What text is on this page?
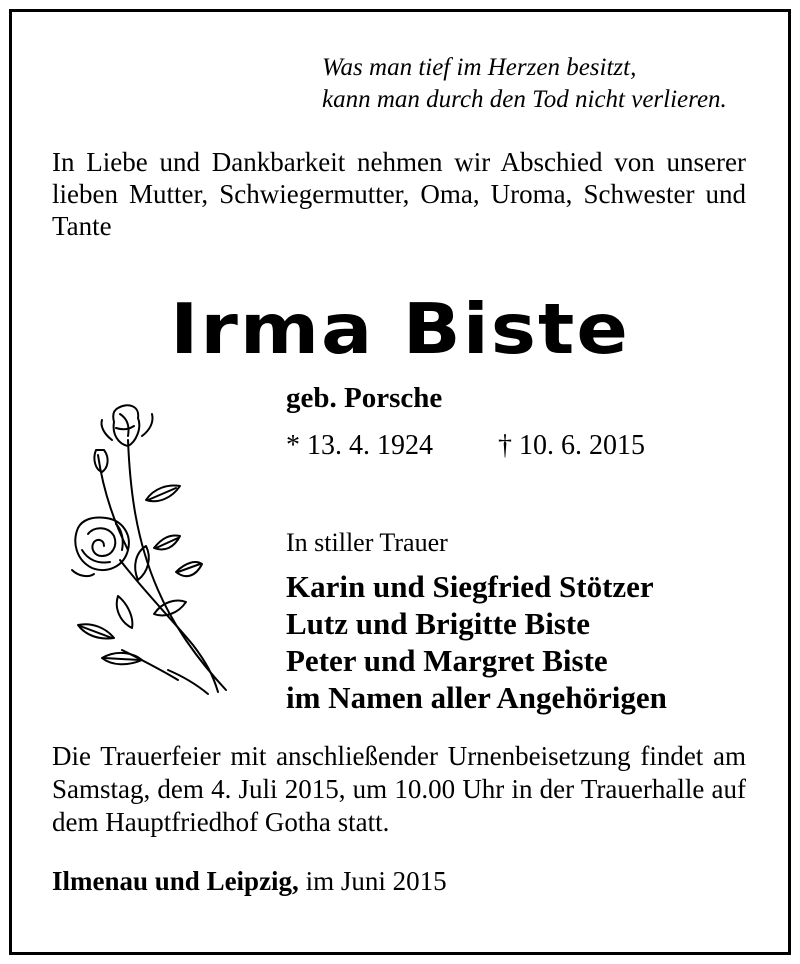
Was man tief im Herzen besitzt,
kann man durch den Tod nicht verlieren.
In Liebe und Dankbarkeit nehmen wir Abschied von unserer lieben Mutter, Schwiegermutter, Oma, Uroma, Schwester und Tante
Irma Biste
geb. Porsche
* 13. 4. 1924 † 10. 6. 2015
In stiller Trauer
Karin und Siegfried Stötzer
Lutz und Brigitte Biste
Peter und Margret Biste
im Namen aller Angehörigen
Die Trauerfeier mit anschließender Urnenbeisetzung findet am Samstag, dem 4. Juli 2015, um 10.00 Uhr in der Trauerhalle auf dem Hauptfriedhof Gotha statt.
Ilmenau und Leipzig, im Juni 2015
